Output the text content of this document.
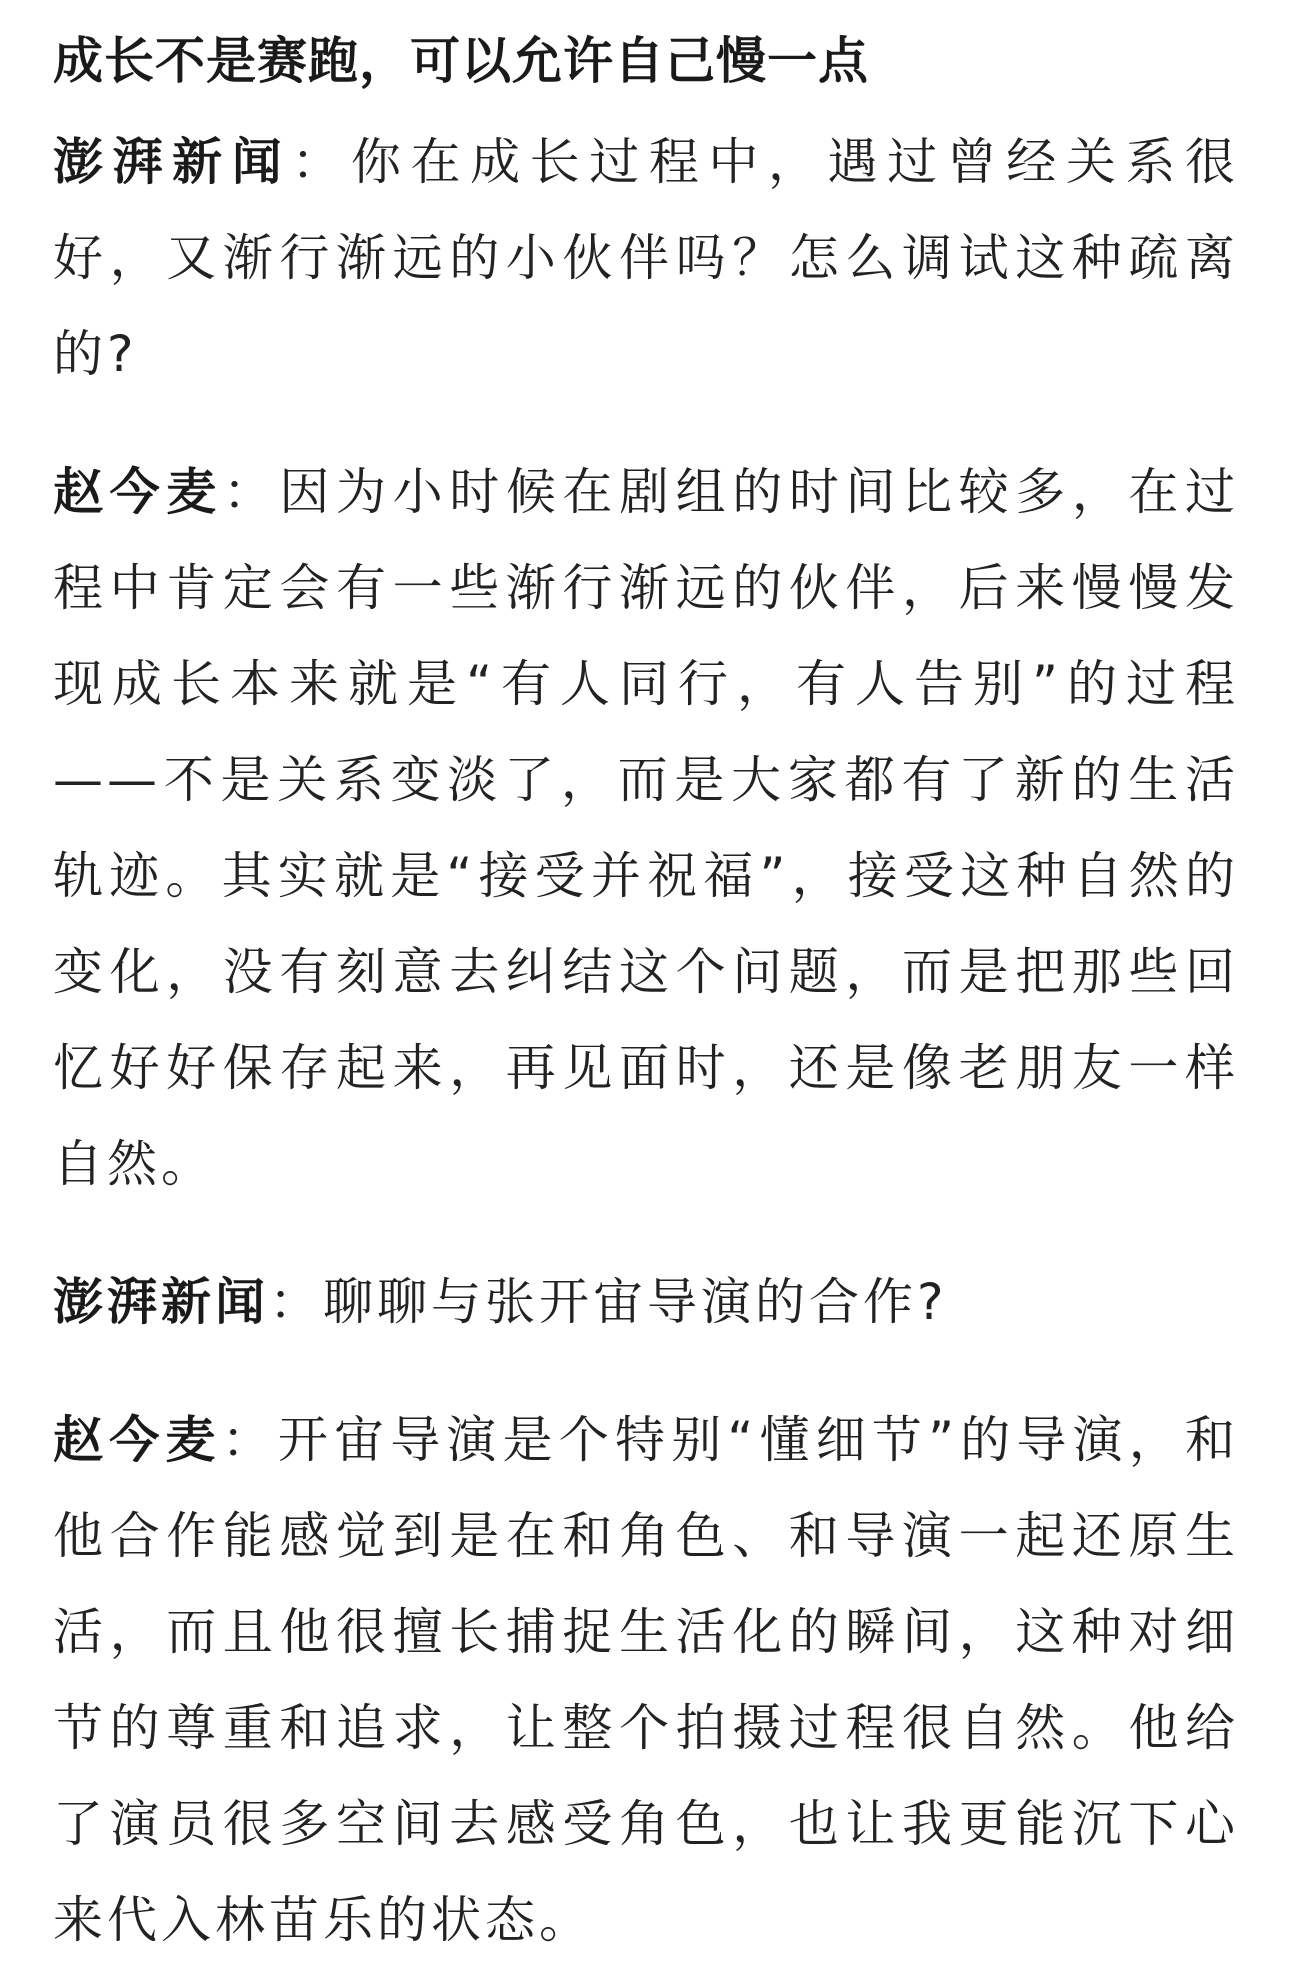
成长不是赛跑，可以允许自己慢一点

澎湃新闻：你在成长过程中，遇过曾经关系很好，又渐行渐远的小伙伴吗？怎么调试这种疏离的?

赵今麦：因为小时候在剧组的时间比较多，在过程中肯定会有一些渐行渐远的伙伴，后来慢慢发现成长本来就是“有人同行，有人告别”的过程——不是关系变淡了，而是大家都有了新的生活轨迹。其实就是“接受并祝福”，接受这种自然的变化，没有刻意去纠结这个问题，而是把那些回忆好好保存起来，再见面时，还是像老朋友一样自然。

澎湃新闻：聊聊与张开宙导演的合作?

赵今麦：开宙导演是个特别“懂细节”的导演，和他合作能感觉到是在和角色、和导演一起还原生活，而且他很擅长捕捉生活化的瞬间，这种对细节的尊重和追求，让整个拍摄过程很自然。他给了演员很多空间去感受角色，也让我更能沉下心来代入林苗乐的状态。
